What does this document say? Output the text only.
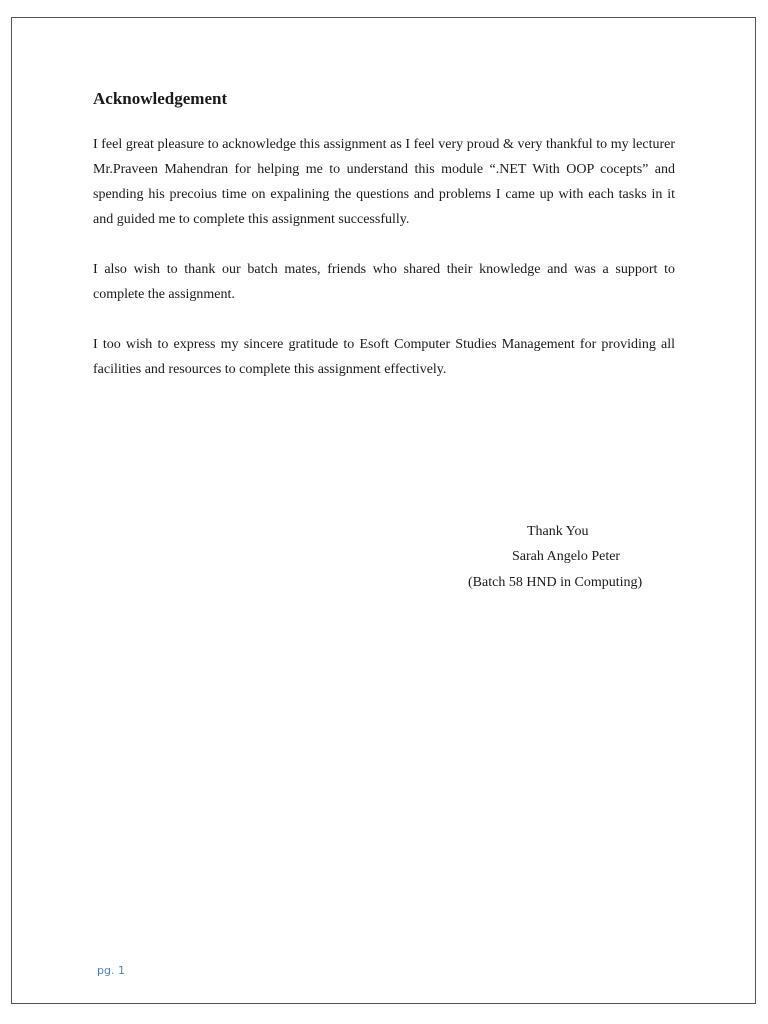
Acknowledgement

I feel great pleasure to acknowledge this assignment as I feel very proud & very thankful to my lecturer Mr.Praveen Mahendran for helping me to understand this module “.NET With OOP cocepts” and spending his precoius time on expalining the questions and problems I came up with each tasks in it and guided me to complete this assignment successfully.

I also wish to thank our batch mates, friends who shared their knowledge and was a support to complete the assignment.

I too wish to express my sincere gratitude to Esoft Computer Studies Management for providing all facilities and resources to complete this assignment effectively.

Thank You
Sarah Angelo Peter
(Batch 58 HND in Computing)
pg. 1
